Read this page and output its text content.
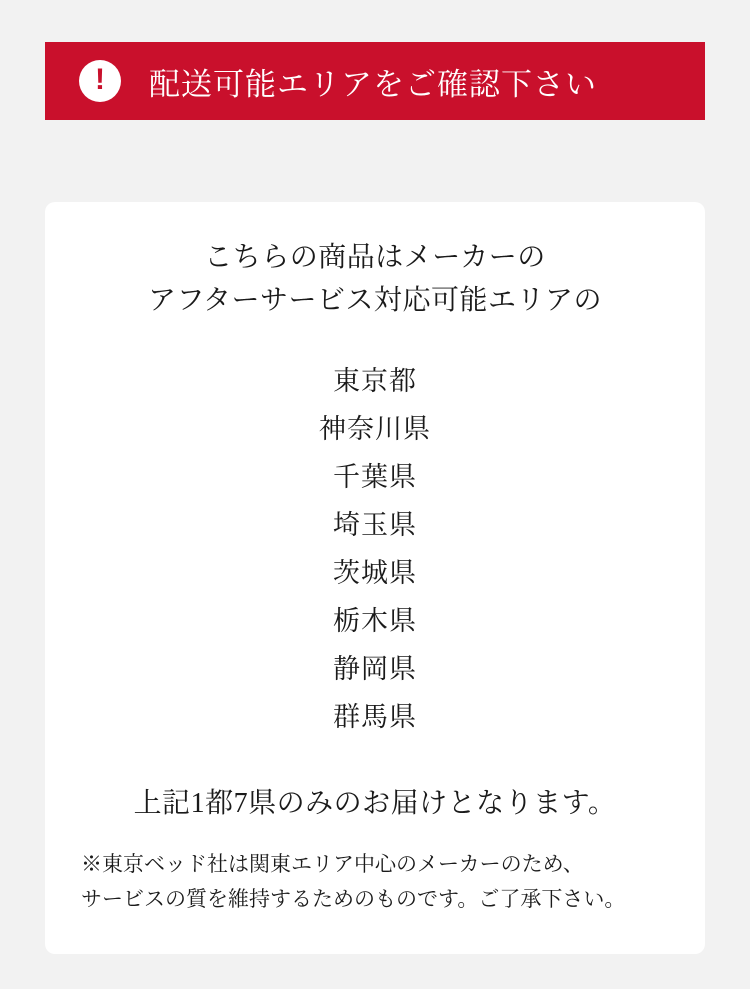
! 配送可能エリアをご確認下さい

こちらの商品はメーカーの
アフターサービス対応可能エリアの

東京都
神奈川県
千葉県
埼玉県
茨城県
栃木県
静岡県
群馬県

上記1都7県のみのお届けとなります。

※東京ベッド社は関東エリア中心のメーカーのため、
サービスの質を維持するためのものです。ご了承下さい。
